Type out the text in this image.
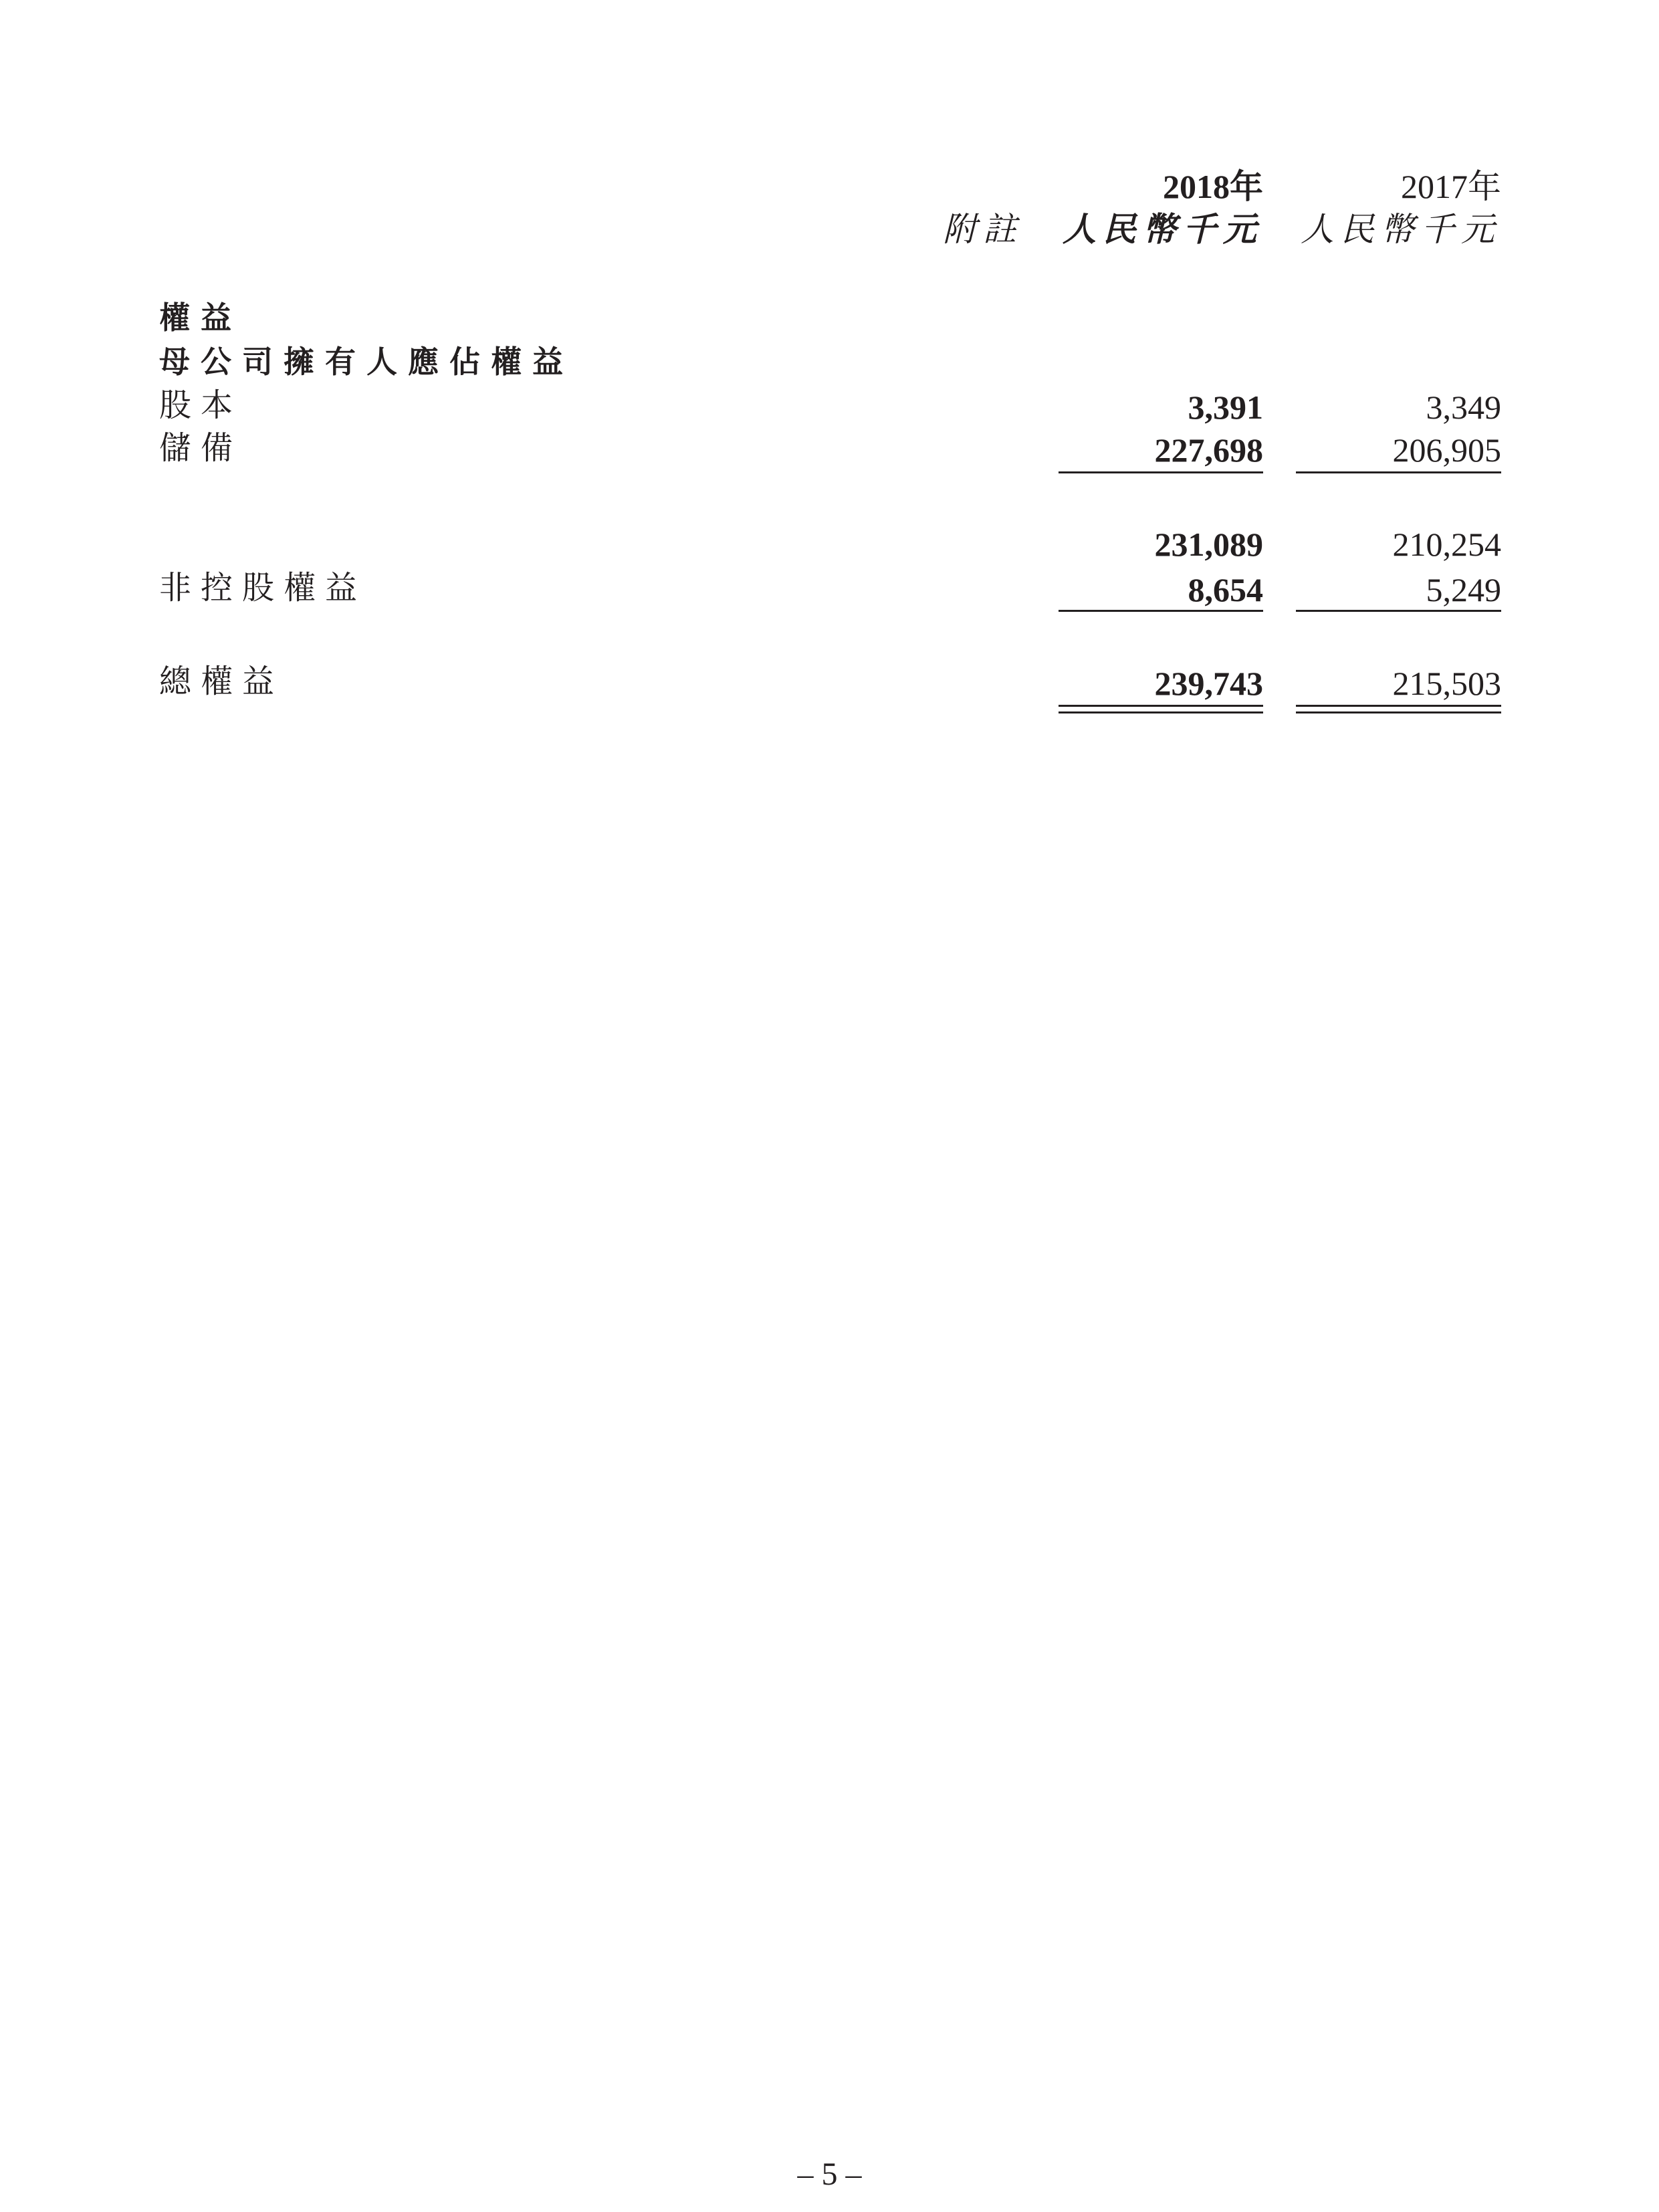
2018年	2017年
附註 人民幣千元 人民幣千元
權益
母公司擁有人應佔權益
股本	3,391	3,349
儲備	227,698	206,905
231,089	210,254
非控股權益	8,654	5,249
總權益	239,743	215,503
– 5 –
